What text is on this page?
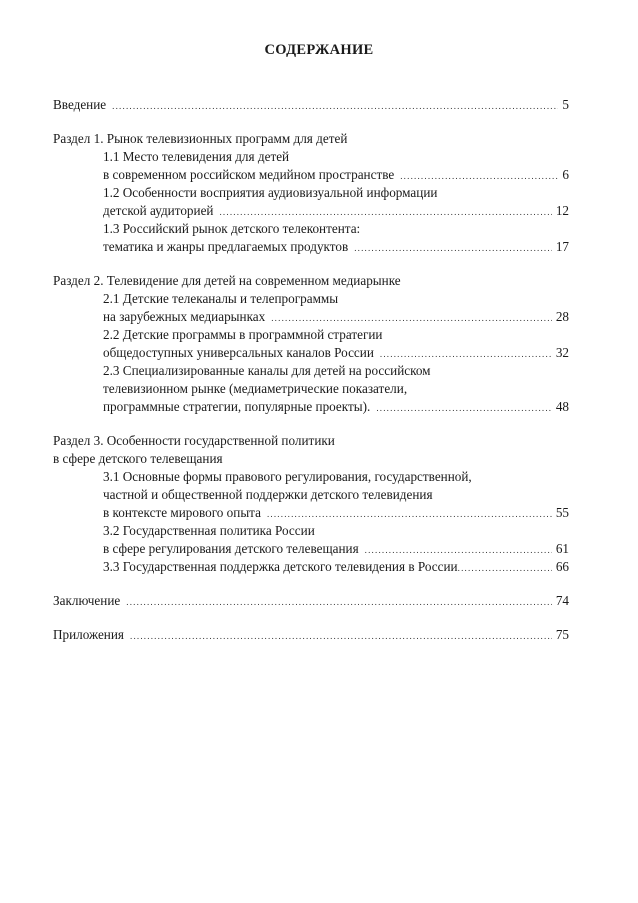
СОДЕРЖАНИЕ
Введение .....	5
Раздел 1. Рынок телевизионных программ для детей
1.1 Место телевидения для детей
в современном российском медийном пространстве .....	6
1.2 Особенности восприятия аудиовизуальной информации
детской аудиторией .....	12
1.3 Российский рынок детского телеконтента:
тематика и жанры предлагаемых продуктов .....	17
Раздел 2. Телевидение для детей на современном медиарынке
2.1 Детские телеканалы и телепрограммы
на зарубежных медиарынках .....	28
2.2 Детские программы в программной стратегии
общедоступных универсальных каналов России .....	32
2.3 Специализированные каналы для детей на российском
телевизионном рынке (медиаметрические показатели,
программные стратегии, популярные проекты). .....	48
Раздел 3. Особенности государственной политики
в сфере детского телевещания
3.1 Основные формы правового регулирования, государственной,
частной и общественной поддержки детского телевидения
в контексте мирового опыта .....	55
3.2 Государственная политика России
в сфере регулирования детского телевещания .....	61
3.3 Государственная поддержка детского телевидения в России .....	66
Заключение .....	74
Приложения .....	75
